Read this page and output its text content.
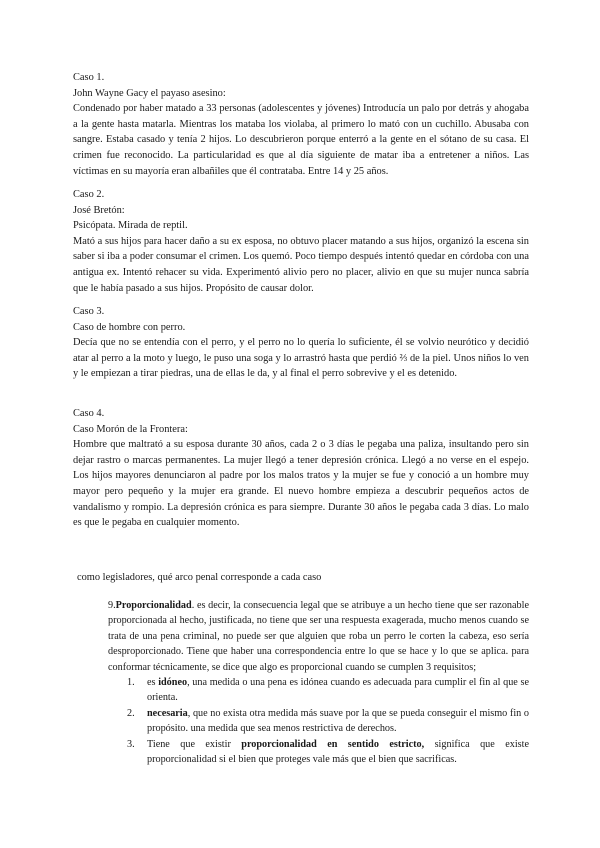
Caso 1.

John Wayne Gacy el payaso asesino:

Condenado por haber matado a 33 personas (adolescentes y jóvenes) Introducía un palo por detrás y ahogaba a la gente hasta matarla. Mientras los mataba los violaba, al primero lo mató con un cuchillo. Abusaba con sangre. Estaba casado y tenía 2 hijos. Lo descubrieron porque enterró a la gente en el sótano de su casa. El crimen fue reconocido. La particularidad es que al día siguiente de matar iba a entretener a niños. Las víctimas en su mayoría eran albañiles que él contrataba. Entre 14 y 25 años.

Caso 2.

José Bretón:

Psicópata. Mirada de reptil.

Mató a sus hijos para hacer daño a su ex esposa, no obtuvo placer matando a sus hijos, organizó la escena sin saber si iba a poder consumar el crimen. Los quemó. Poco tiempo después intentó quedar en córdoba con una antigua ex. Intentó rehacer su vida. Experimentó alivio pero no placer, alivio en que su mujer nunca sabría que le había pasado a sus hijos. Propósito de causar dolor.

Caso 3.

Caso de hombre con perro.

Decía que no se entendía con el perro, y el perro no lo quería lo suficiente, él se volvio neurótico y decidió atar al perro a la moto y luego, le puso una soga y lo arrastró hasta que perdió ⅔ de la piel. Unos niños lo ven y le empiezan a tirar piedras, una de ellas le da, y al final el perro sobrevive y el es detenido.

Caso 4.

Caso Morón de la Frontera:

Hombre que maltrató a su esposa durante 30 años, cada 2 o 3 días le pegaba una paliza, insultando pero sin dejar rastro o marcas permanentes. La mujer llegó a tener depresión crónica. Llegó a no verse en el espejo. Los hijos mayores denunciaron al padre por los malos tratos y la mujer se fue y conoció a un hombre muy mayor pero pequeño y la mujer era grande. El nuevo hombre empieza a descubrir pequeños actos de vandalismo y rompio. La depresión crónica es para siempre. Durante 30 años le pegaba cada 3 días. Lo malo es que le pegaba en cualquier momento.

como legisladores, qué arco penal corresponde a cada caso

9.Proporcionalidad. es decir, la consecuencia legal que se atribuye a un hecho tiene que ser razonable proporcionada al hecho, justificada, no tiene que ser una respuesta exagerada, mucho menos cuando se trata de una pena criminal, no puede ser que alguien que roba un perro le corten la cabeza, eso sería desproporcionado. Tiene que haber una correspondencia entre lo que se hace y lo que se aplica. para conformar técnicamente, se dice que algo es proporcional cuando se cumplen 3 requisitos;

1. es idóneo, una medida o una pena es idónea cuando es adecuada para cumplir el fin al que se orienta.
2. necesaria, que no exista otra medida más suave por la que se pueda conseguir el mismo fin o propósito. una medida que sea menos restrictiva de derechos.
3. Tiene que existir proporcionalidad en sentido estricto, significa que existe proporcionalidad si el bien que proteges vale más que el bien que sacrificas.
